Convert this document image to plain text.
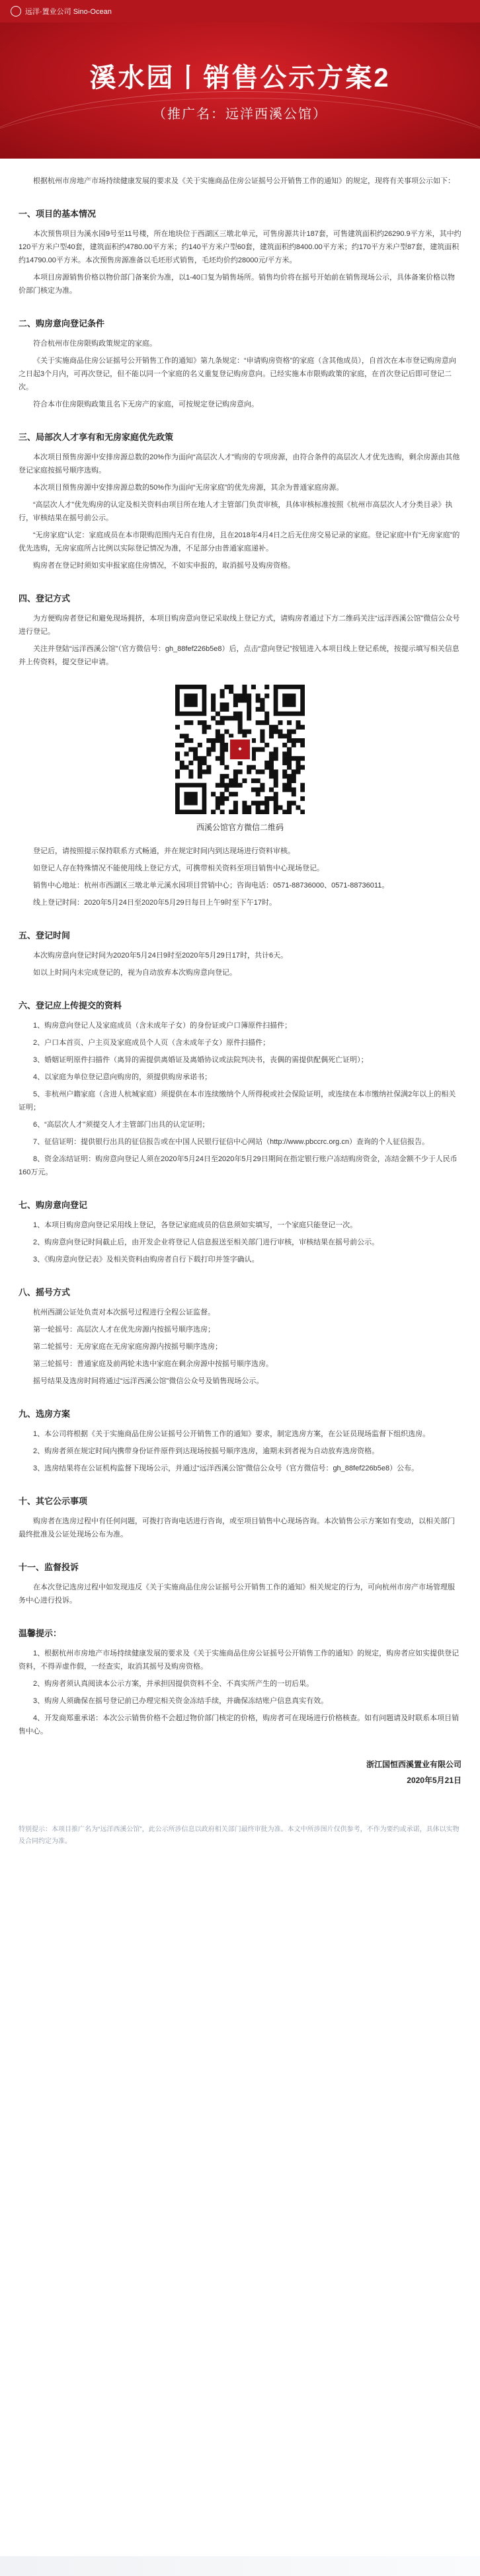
远洋·置业公司 Sino-Ocean
溪水园丨销售公示方案2
（推广名：远洋西溪公馆）

根据杭州市房地产市场持续健康发展的要求及《关于实施商品住房公证摇号公开销售工作的通知》的规定，现将有关事项公示如下：

一、项目的基本情况

本次预售项目为溪水园9号至11号楼，所在地块位于西湖区三墩北单元，可售房源共计187套，可售建筑面积约26290.9平方米，其中约120平方米户型40套，建筑面积约4780.00平方米；约140平方米户型60套，建筑面积约8400.00平方米；约170平方米户型87套，建筑面积约14790.00平方米。本次预售房源准备以毛坯形式销售，毛坯均价约28000元/平方米。

本项目房源销售价格以物价部门备案价为准，以1-40口复为销售场所。销售均价将在摇号开始前在销售现场公示，具体备案价格以物价部门核定为准。

二、购房意向登记条件

符合杭州市住房限购政策规定的家庭。

《关于实施商品住房公证摇号公开销售工作的通知》第九条规定：“申请购房资格”的家庭（含其他成员），自首次在本市登记购房意向之日起3个月内，可再次登记，但不能以同一个家庭的名义重复登记购房意向。已经实施本市限购政策的家庭，在首次登记后即可登记二次。

符合本市住房限购政策且名下无房产的家庭，可按规定登记购房意向。

三、局部次人才享有和无房家庭优先政策

本次项目预售房源中安排房源总数的20%作为面向“高层次人才”购房的专项房源，由符合条件的高层次人才优先选购，剩余房源由其他登记家庭按摇号顺序选购。

本次项目预售房源中安排房源总数的50%作为面向“无房家庭”的优先房源，其余为普通家庭房源。

“高层次人才”优先购房的认定及相关资料由项目所在地人才主管部门负责审核，具体审核标准按照《杭州市高层次人才分类目录》执行，审核结果在摇号前公示。

“无房家庭”认定：家庭成员在本市限购范围内无自有住房，且在2018年4月4日之后无住房交易记录的家庭。登记家庭中有“无房家庭”的优先选购，无房家庭所占比例以实际登记情况为准，不足部分由普通家庭递补。

购房者在登记时须如实申报家庭住房情况，不如实申报的，取消摇号及购房资格。

四、登记方式

为方便购房者登记和避免现场拥挤，本项目购房意向登记采取线上登记方式，请购房者通过下方二维码关注“远洋西溪公馆”微信公众号进行登记。

关注并登陆“远洋西溪公馆”（官方微信号：gh_88fef226b5e8）后，点击“意向登记”按钮进入本项目线上登记系统，按提示填写相关信息并上传资料，提交登记申请。

◆
西溪公馆官方微信二维码

登记后，请按照提示保持联系方式畅通，并在规定时间内到达现场进行资料审核。

如登记人存在特殊情况不能使用线上登记方式，可携带相关资料至项目销售中心现场登记。

销售中心地址：杭州市西湖区三墩北单元溪水园项目营销中心；咨询电话：0571-88736000、0571-88736011。

线上登记时间：2020年5月24日至2020年5月29日每日上午9时至下午17时。

五、登记时间

本次购房意向登记时间为2020年5月24日9时至2020年5月29日17时，共计6天。

如以上时间内未完成登记的，视为自动放弃本次购房意向登记。

六、登记应上传提交的资料

1、购房意向登记人及家庭成员（含未成年子女）的身份证或户口簿原件扫描件；

2、户口本首页、户主页及家庭成员个人页（含未成年子女）原件扫描件；

3、婚姻证明原件扫描件（离异的需提供离婚证及离婚协议或法院判决书，丧偶的需提供配偶死亡证明）；

4、以家庭为单位登记意向购房的，须提供购房承诺书；

5、非杭州户籍家庭（含进人杭城家庭）须提供在本市连续缴纳个人所得税或社会保险证明，或连续在本市缴纳社保满2年以上的相关证明；

6、“高层次人才”须提交人才主管部门出具的认定证明；

7、征信证明：提供银行出具的征信报告或在中国人民银行征信中心网站（http://www.pbccrc.org.cn）查询的个人征信报告。

8、资金冻结证明：购房意向登记人须在2020年5月24日至2020年5月29日期间在指定银行账户冻结购房资金，冻结金额不少于人民币160万元。

七、购房意向登记

1、本项目购房意向登记采用线上登记，各登记家庭成员的信息须如实填写，一个家庭只能登记一次。

2、购房意向登记时间截止后，由开发企业将登记人信息报送至相关部门进行审核，审核结果在摇号前公示。

3、《购房意向登记表》及相关资料由购房者自行下载打印并签字确认。

八、摇号方式

杭州西湖公证处负责对本次摇号过程进行全程公证监督。

第一轮摇号：高层次人才在优先房源内按摇号顺序选房；

第二轮摇号：无房家庭在无房家庭房源内按摇号顺序选房；

第三轮摇号：普通家庭及前两轮未选中家庭在剩余房源中按摇号顺序选房。

摇号结果及选房时间将通过“远洋西溪公馆”微信公众号及销售现场公示。

九、选房方案

1、本公司将根据《关于实施商品住房公证摇号公开销售工作的通知》要求，制定选房方案，在公证员现场监督下组织选房。

2、购房者须在规定时间内携带身份证件原件到达现场按摇号顺序选房，逾期未到者视为自动放弃选房资格。

3、选房结果将在公证机构监督下现场公示，并通过“远洋西溪公馆”微信公众号（官方微信号：gh_88fef226b5e8）公布。

十、其它公示事项

购房者在选房过程中有任何问题，可拨打咨询电话进行咨询，或至项目销售中心现场咨询。本次销售公示方案如有变动，以相关部门最终批准及公证处现场公布为准。

十一、监督投诉

在本次登记选房过程中如发现违反《关于实施商品住房公证摇号公开销售工作的通知》相关规定的行为，可向杭州市房产市场管理服务中心进行投诉。

温馨提示：

1、根据杭州市房地产市场持续健康发展的要求及《关于实施商品住房公证摇号公开销售工作的通知》的规定，购房者应如实提供登记资料，不得弄虚作假，一经查实，取消其摇号及购房资格。

2、购房者须认真阅读本公示方案，并承担因提供资料不全、不真实所产生的一切后果。

3、购房人须确保在摇号登记前已办理完相关资金冻结手续，并确保冻结账户信息真实有效。

4、开发商郑重承诺：本次公示销售价格不会超过物价部门核定的价格，购房者可在现场进行价格核查。如有问题请及时联系本项目销售中心。

浙江国恒西溪置业有限公司
2020年5月21日
特别提示：本项目推广名为“远洋西溪公馆”，此公示所涉信息以政府相关部门最终审批为准。本文中所涉图片仅供参考，不作为要约或承诺，具体以实物及合同约定为准。
